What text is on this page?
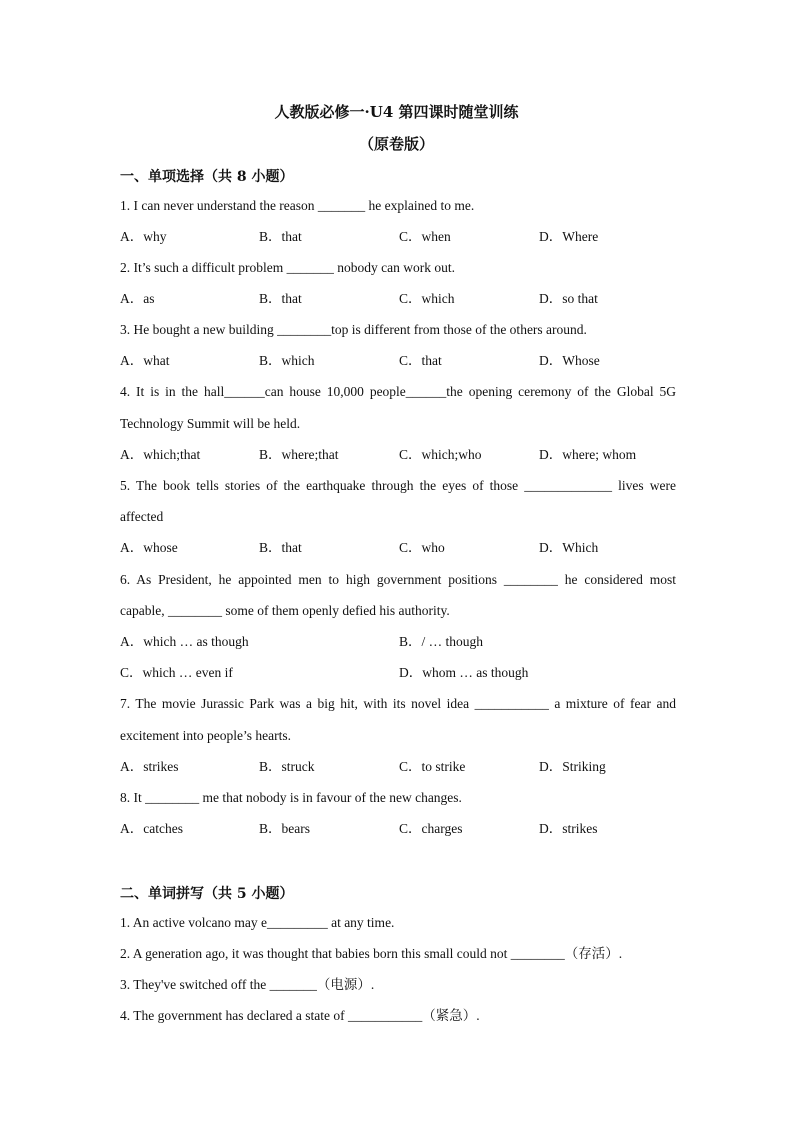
人教版必修一·U4 第四课时随堂训练
（原卷版）
一、单项选择（共 8 小题）
1. I can never understand the reason _______ he explained to me.
A．why	B．that	C．when	D．Where
2. It’s such a difficult problem _______ nobody can work out.
A．as	B．that	C．which	D．so that
3. He bought a new building ________top is different from those of the others around.
A．what	B．which	C．that	D．Whose
4. It is in the hall______can house 10,000 people______the opening ceremony of the Global 5G
Technology Summit will be held.
A．which;that	B．where;that	C．which;who	D．where; whom
5. The book tells stories of the earthquake through the eyes of those _____________ lives were
affected
A．whose	B．that	C．who	D．Which
6. As President, he appointed men to high government positions ________ he considered most
capable, ________ some of them openly defied his authority.
A．which … as though	B．/ … though
C．which … even if	D．whom … as though
7. The movie Jurassic Park was a big hit, with its novel idea ___________ a mixture of fear and
excitement into people’s hearts.
A．strikes	B．struck	C．to strike	D．Striking
8. It ________ me that nobody is in favour of the new changes.
A．catches	B．bears	C．charges	D．strikes
二、单词拼写（共 5 小题）
1. An active volcano may e_________ at any time.
2. A generation ago, it was thought that babies born this small could not ________（存活）.
3. They've switched off the _______（电源）.
4. The government has declared a state of ___________（紧急）.
